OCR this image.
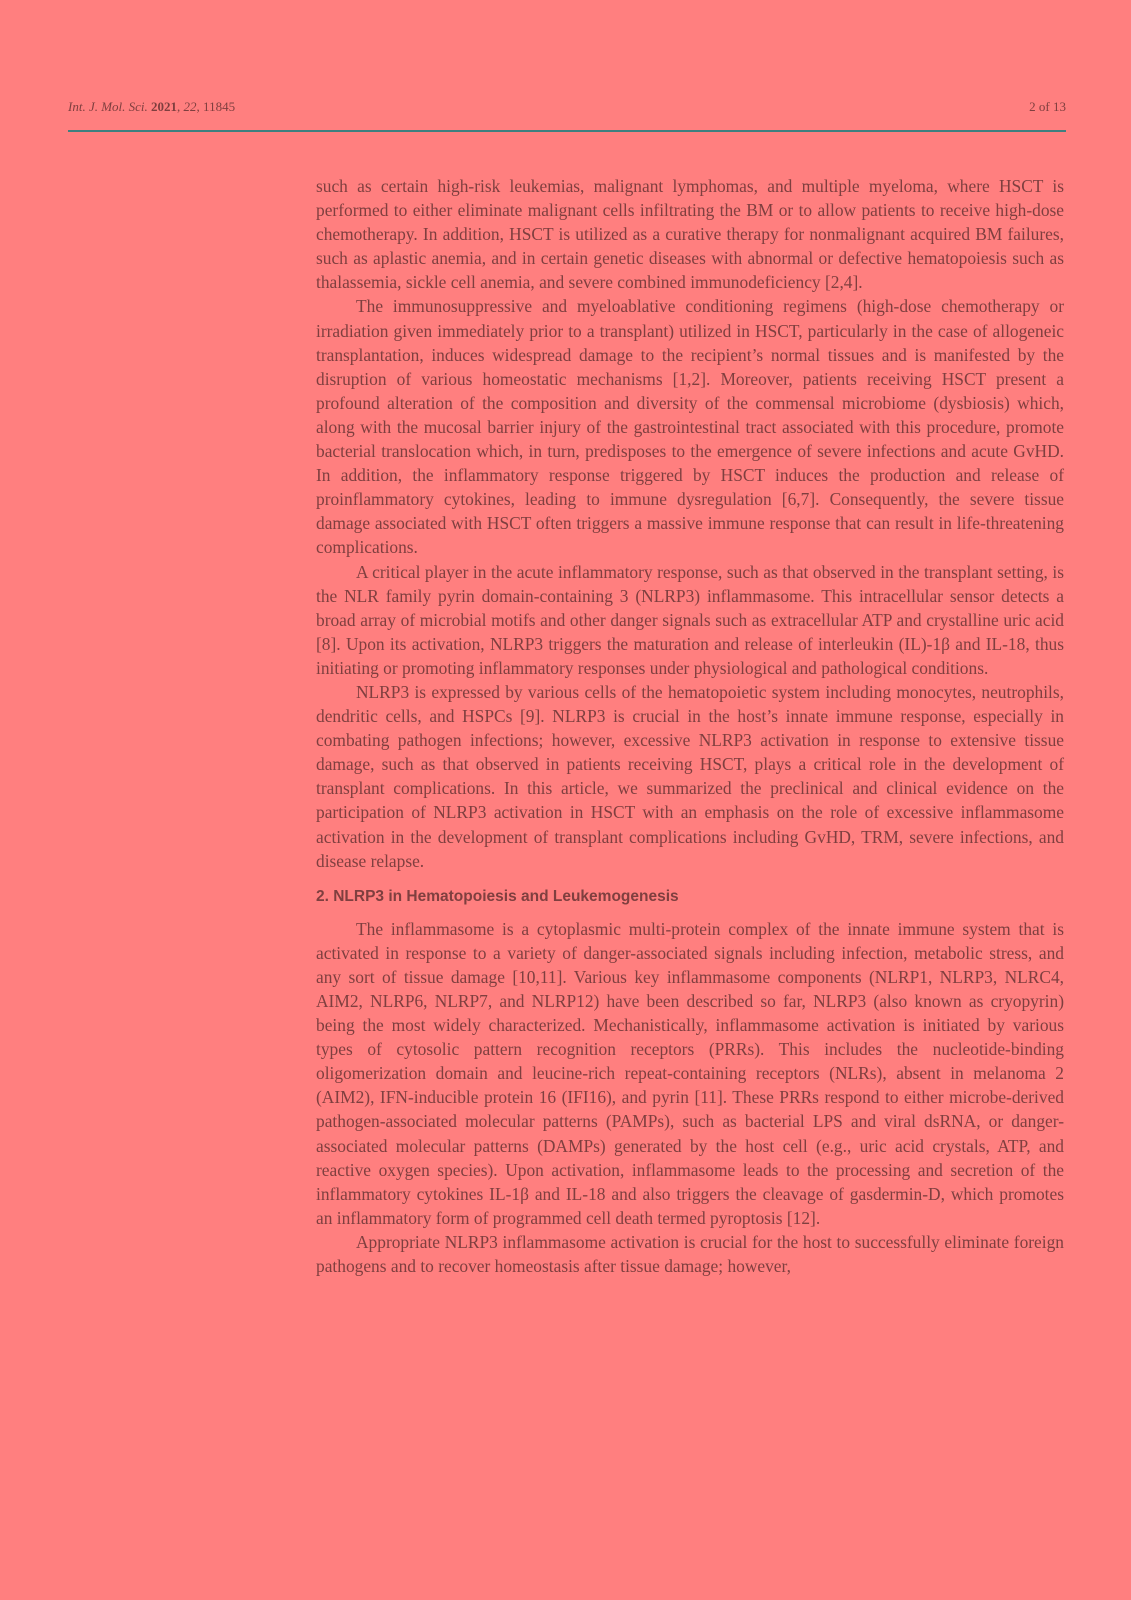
Int. J. Mol. Sci. 2021, 22, 11845	2 of 13

such as certain high-risk leukemias, malignant lymphomas, and multiple myeloma, where HSCT is performed to either eliminate malignant cells infiltrating the BM or to allow patients to receive high-dose chemotherapy. In addition, HSCT is utilized as a curative therapy for nonmalignant acquired BM failures, such as aplastic anemia, and in certain genetic diseases with abnormal or defective hematopoiesis such as thalassemia, sickle cell anemia, and severe combined immunodeficiency [2,4].

The immunosuppressive and myeloablative conditioning regimens (high-dose chemotherapy or irradiation given immediately prior to a transplant) utilized in HSCT, particularly in the case of allogeneic transplantation, induces widespread damage to the recipient’s normal tissues and is manifested by the disruption of various homeostatic mechanisms [1,2]. Moreover, patients receiving HSCT present a profound alteration of the composition and diversity of the commensal microbiome (dysbiosis) which, along with the mucosal barrier injury of the gastrointestinal tract associated with this procedure, promote bacterial translocation which, in turn, predisposes to the emergence of severe infections and acute GvHD. In addition, the inflammatory response triggered by HSCT induces the production and release of proinflammatory cytokines, leading to immune dysregulation [6,7]. Consequently, the severe tissue damage associated with HSCT often triggers a massive immune response that can result in life-threatening complications.

A critical player in the acute inflammatory response, such as that observed in the transplant setting, is the NLR family pyrin domain-containing 3 (NLRP3) inflammasome. This intracellular sensor detects a broad array of microbial motifs and other danger signals such as extracellular ATP and crystalline uric acid [8]. Upon its activation, NLRP3 triggers the maturation and release of interleukin (IL)-1β and IL-18, thus initiating or promoting inflammatory responses under physiological and pathological conditions.

NLRP3 is expressed by various cells of the hematopoietic system including monocytes, neutrophils, dendritic cells, and HSPCs [9]. NLRP3 is crucial in the host’s innate immune response, especially in combating pathogen infections; however, excessive NLRP3 activation in response to extensive tissue damage, such as that observed in patients receiving HSCT, plays a critical role in the development of transplant complications. In this article, we summarized the preclinical and clinical evidence on the participation of NLRP3 activation in HSCT with an emphasis on the role of excessive inflammasome activation in the development of transplant complications including GvHD, TRM, severe infections, and disease relapse.

2. NLRP3 in Hematopoiesis and Leukemogenesis

The inflammasome is a cytoplasmic multi-protein complex of the innate immune system that is activated in response to a variety of danger-associated signals including infection, metabolic stress, and any sort of tissue damage [10,11]. Various key inflammasome components (NLRP1, NLRP3, NLRC4, AIM2, NLRP6, NLRP7, and NLRP12) have been described so far, NLRP3 (also known as cryopyrin) being the most widely characterized. Mechanistically, inflammasome activation is initiated by various types of cytosolic pattern recognition receptors (PRRs). This includes the nucleotide-binding oligomerization domain and leucine-rich repeat-containing receptors (NLRs), absent in melanoma 2 (AIM2), IFN-inducible protein 16 (IFI16), and pyrin [11]. These PRRs respond to either microbe-derived pathogen-associated molecular patterns (PAMPs), such as bacterial LPS and viral dsRNA, or danger-associated molecular patterns (DAMPs) generated by the host cell (e.g., uric acid crystals, ATP, and reactive oxygen species). Upon activation, inflammasome leads to the processing and secretion of the inflammatory cytokines IL-1β and IL-18 and also triggers the cleavage of gasdermin-D, which promotes an inflammatory form of programmed cell death termed pyroptosis [12].

Appropriate NLRP3 inflammasome activation is crucial for the host to successfully eliminate foreign pathogens and to recover homeostasis after tissue damage; however,
